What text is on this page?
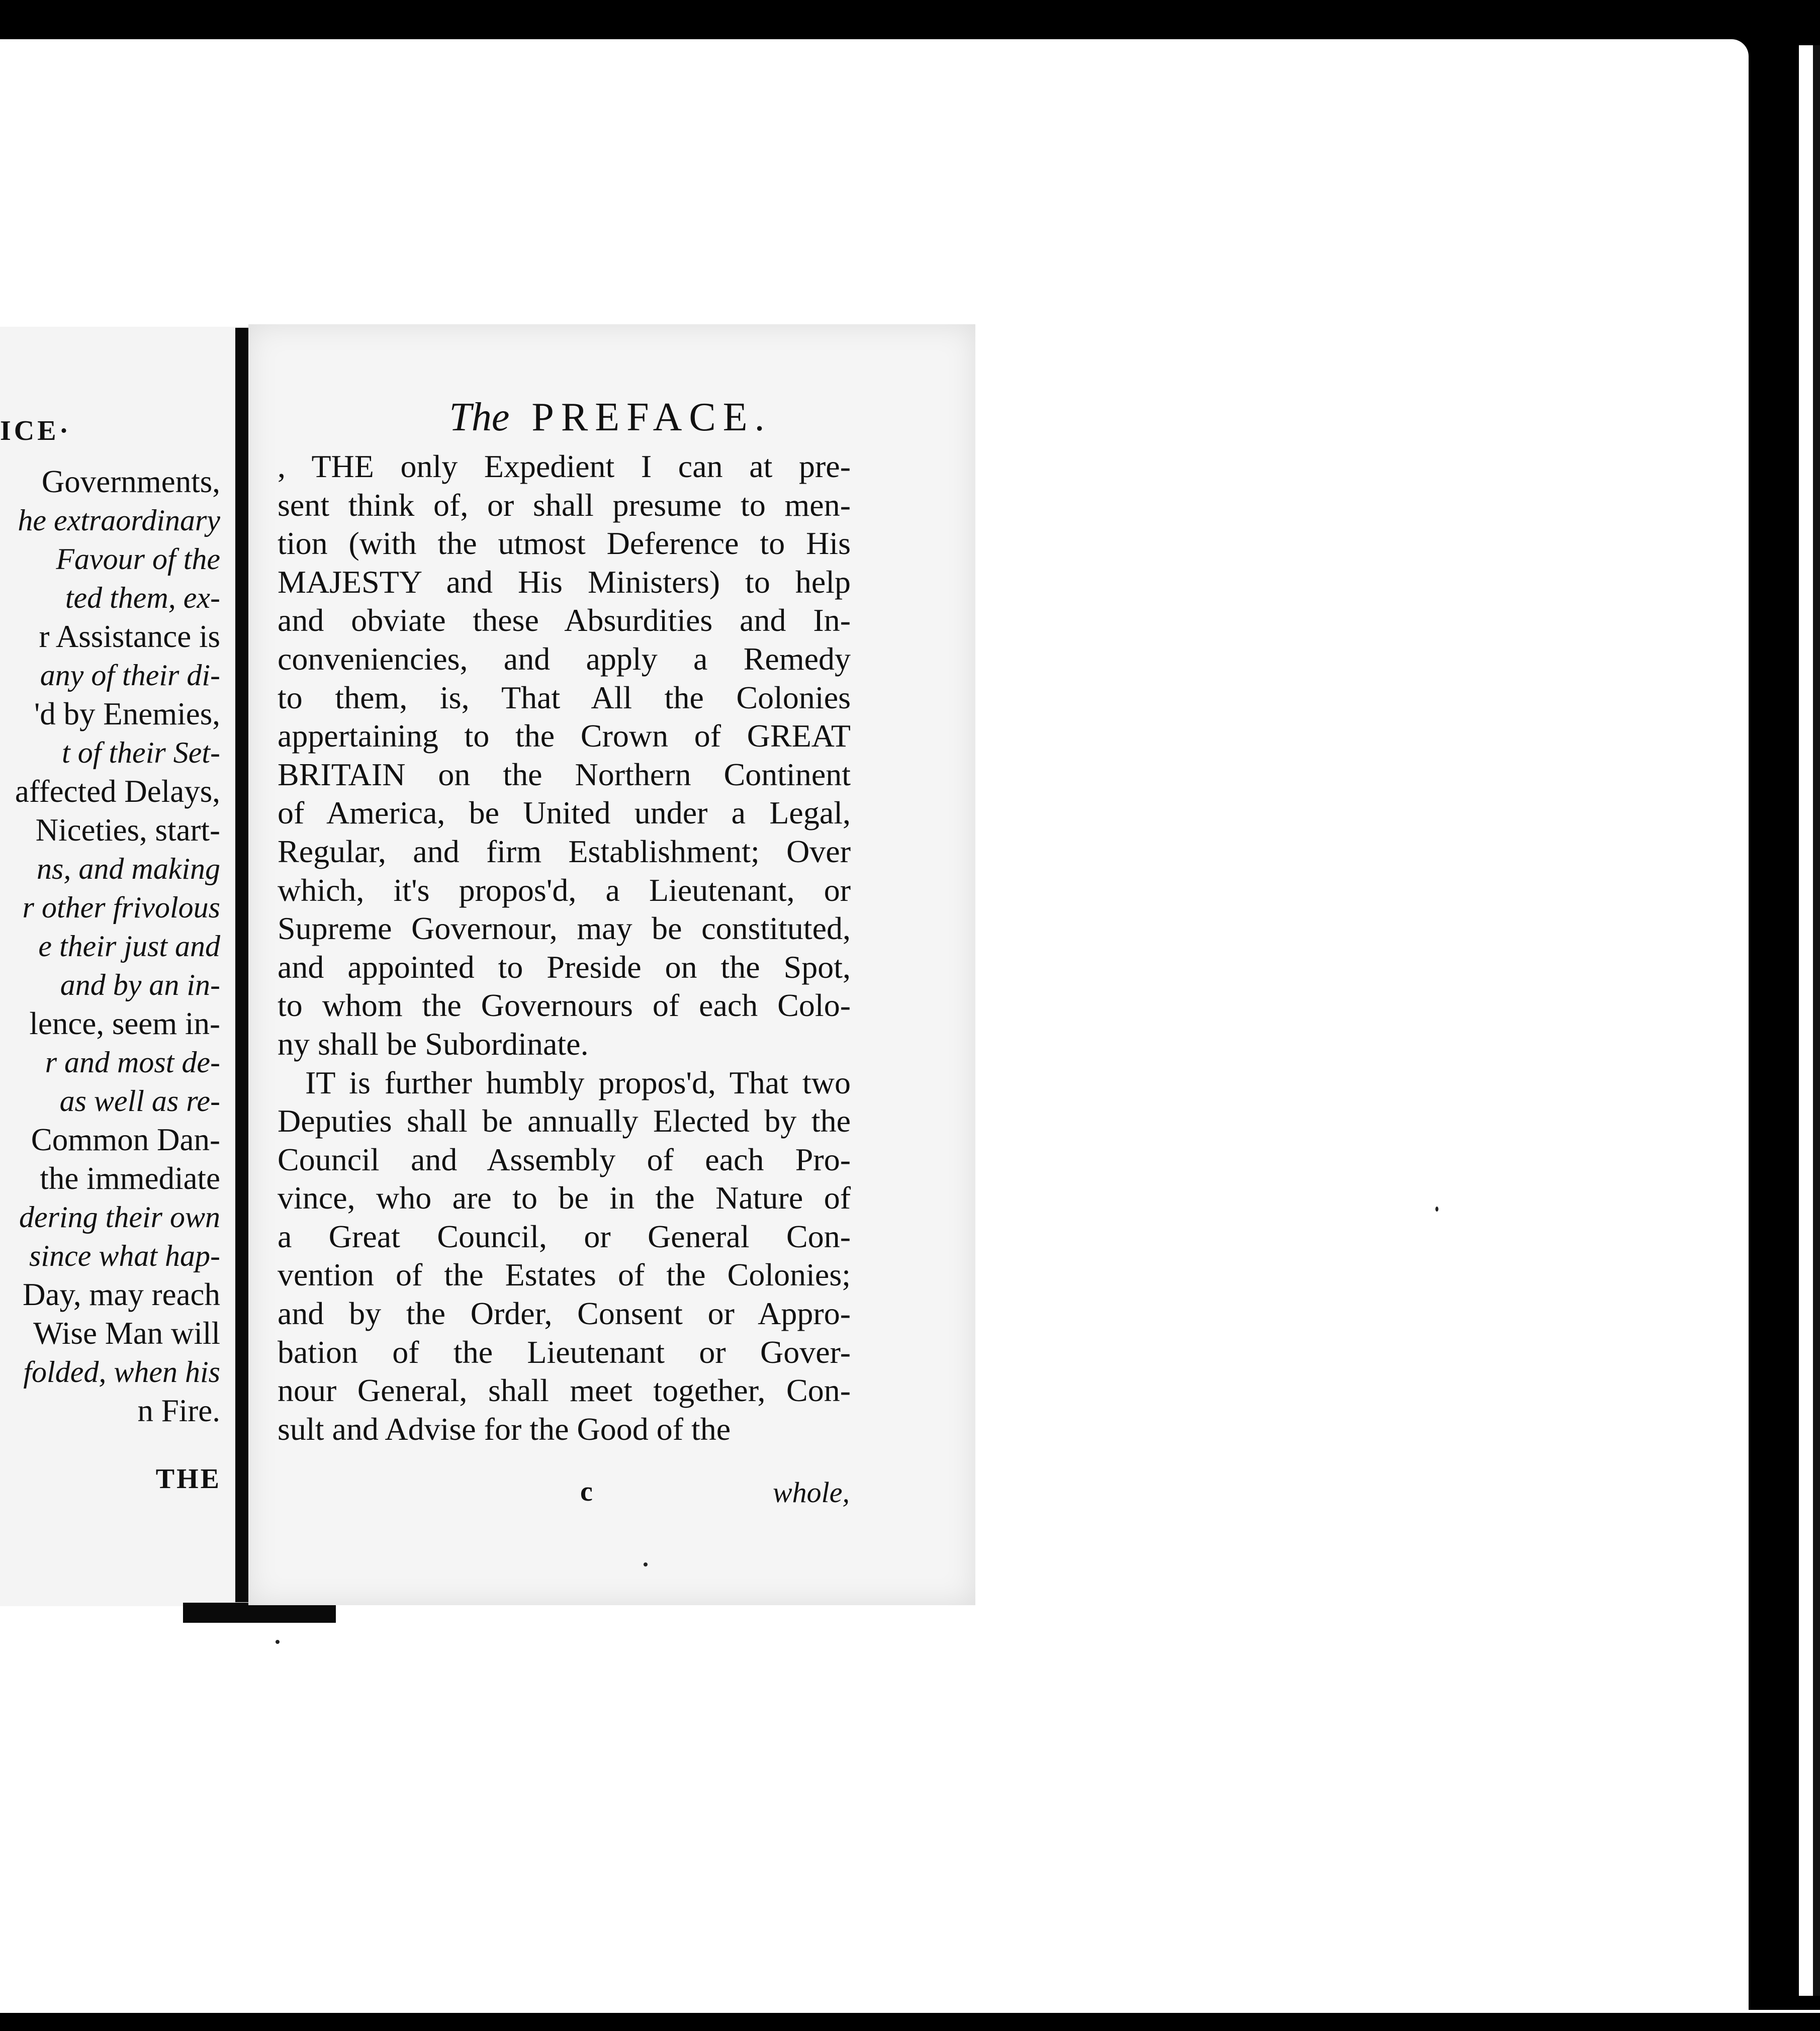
ICE·
Governments,
he extraordinary
Favour of the
ted them, ex-
r Assistance is
any of their di-
'd by Enemies,
t of their Set-
affected Delays,
Niceties, start-
ns, and making
r other frivolous
e their just and
and by an in-
lence, seem in-
r and most de-
as well as re-
Common Dan-
the immediate
dering their own
since what hap-
Day, may reach
Wise Man will
folded, when his
n Fire.
THE
The PREFACE.
, THE only Expedient I can at pre-
sent think of, or shall presume to men-
tion (with the utmost Deference to His
MAJESTY and His Ministers) to help
and obviate these Absurdities and In-
conveniencies, and apply a Remedy
to them, is, That All the Colonies
appertaining to the Crown of GREAT
BRITAIN on the Northern Continent
of America, be United under a Legal,
Regular, and firm Establishment; Over
which, it's propos'd, a Lieutenant, or
Supreme Governour, may be constituted,
and appointed to Preside on the Spot,
to whom the Governours of each Colo-
ny shall be Subordinate.
IT is further humbly propos'd, That two
Deputies shall be annually Elected by the
Council and Assembly of each Pro-
vince, who are to be in the Nature of
a Great Council, or General Con-
vention of the Estates of the Colonies;
and by the Order, Consent or Appro-
bation of the Lieutenant or Gover-
nour General, shall meet together, Con-
sult and Advise for the Good of the
c	whole,
